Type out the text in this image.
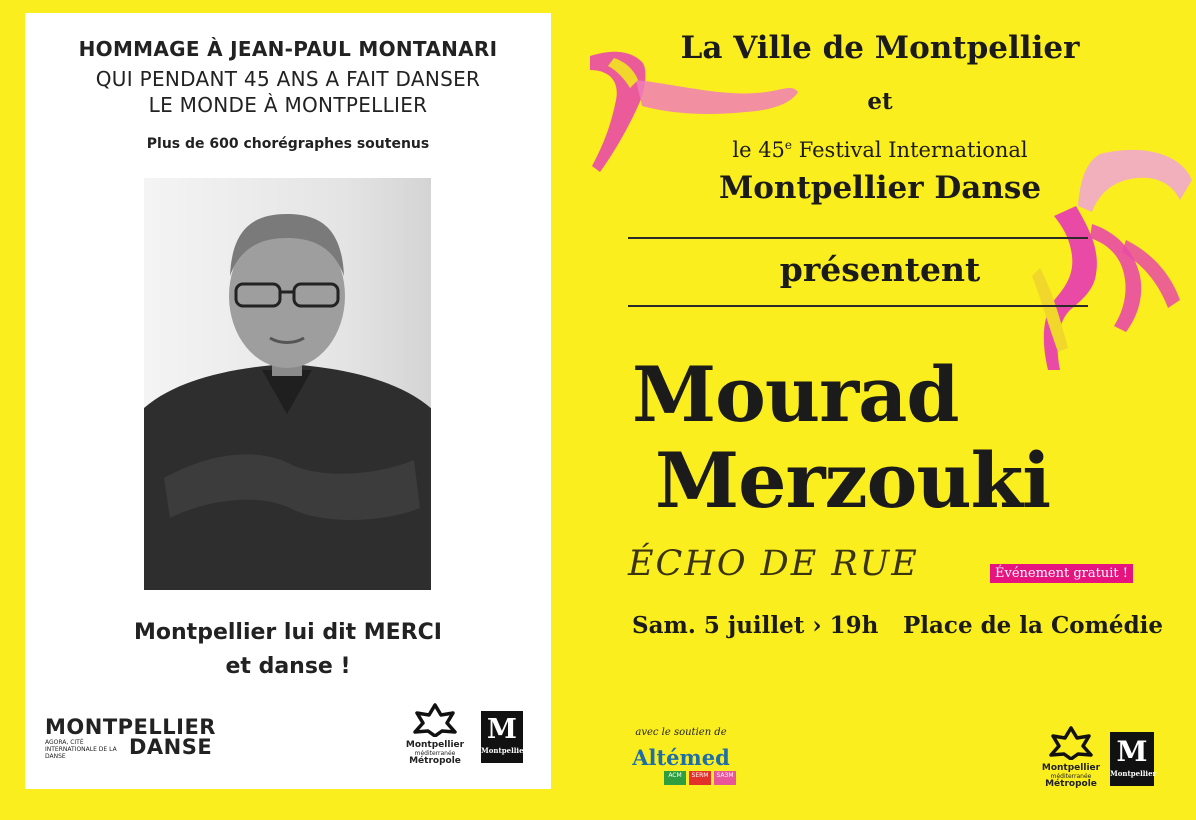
HOMMAGE À JEAN-PAUL MONTANARI
QUI PENDANT 45 ANS A FAIT DANSER
LE MONDE À MONTPELLIER
Plus de 600 chorégraphes soutenus
Montpellier lui dit MERCI
et danse !
MONTPELLIER
AGORA, CITÉ INTERNATIONALE DE LA DANSE	DANSE	Montpellier
méditerranée
Métropole
M
Montpellier
La Ville de Montpellier
et
le 45e Festival International
Montpellier Danse
présentent
Mourad
Merzouki
ÉCHO DE RUE	Événement gratuit !
Sam. 5 juillet › 19h Place de la Comédie
avec le soutien de
Altémed
ACM	SERM	SA3M
Montpellier
méditerranée
Métropole
M
Montpellier
